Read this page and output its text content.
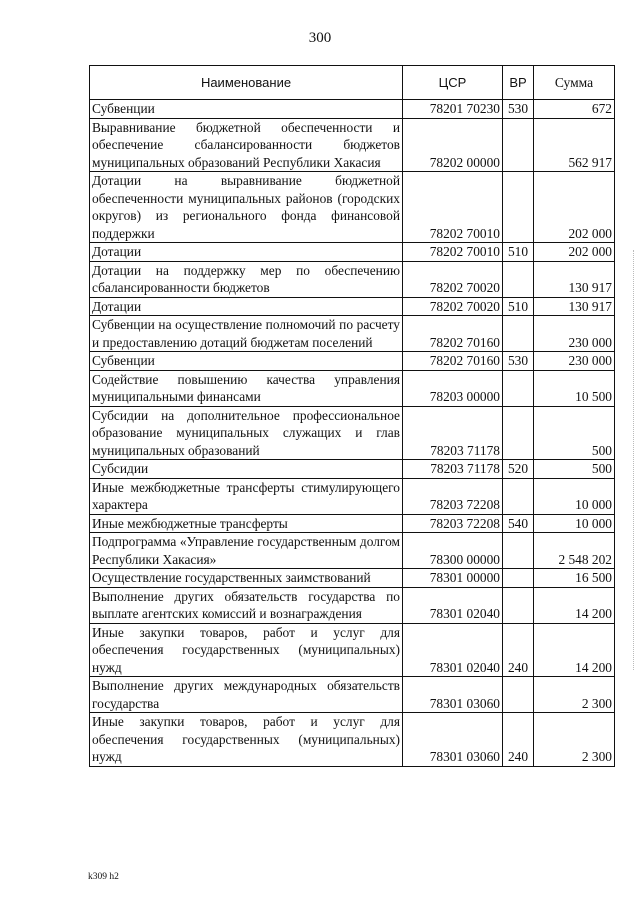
300
Наименование	ЦСР	ВР	Сумма
Субвенции	78201 70230	530	672
Выравнивание бюджетной обеспеченности и обеспечение сбалансированности бюджетов муниципальных образований Республики Хакасия	78202 00000		562 917
Дотации на выравнивание бюджетной обеспеченности муниципальных районов (городских округов) из регионального фонда финансовой поддержки	78202 70010		202 000
Дотации	78202 70010	510	202 000
Дотации на поддержку мер по обеспечению сбалансированности бюджетов	78202 70020		130 917
Дотации	78202 70020	510	130 917
Субвенции на осуществление полномочий по расчету и предоставлению дотаций бюджетам поселений	78202 70160		230 000
Субвенции	78202 70160	530	230 000
Содействие повышению качества управления муниципальными финансами	78203 00000		10 500
Субсидии на дополнительное профессиональное образование муниципальных служащих и глав муниципальных образований	78203 71178		500
Субсидии	78203 71178	520	500
Иные межбюджетные трансферты стимулирующего характера	78203 72208		10 000
Иные межбюджетные трансферты	78203 72208	540	10 000
Подпрограмма «Управление государственным долгом Республики Хакасия»	78300 00000		2 548 202
Осуществление государственных заимствований	78301 00000		16 500
Выполнение других обязательств государства по выплате агентских комиссий и вознаграждения	78301 02040		14 200
Иные закупки товаров, работ и услуг для обеспечения государственных (муниципальных) нужд	78301 02040	240	14 200
Выполнение других международных обязательств государства	78301 03060		2 300
Иные закупки товаров, работ и услуг для обеспечения государственных (муниципальных) нужд	78301 03060	240	2 300
k309 h2
